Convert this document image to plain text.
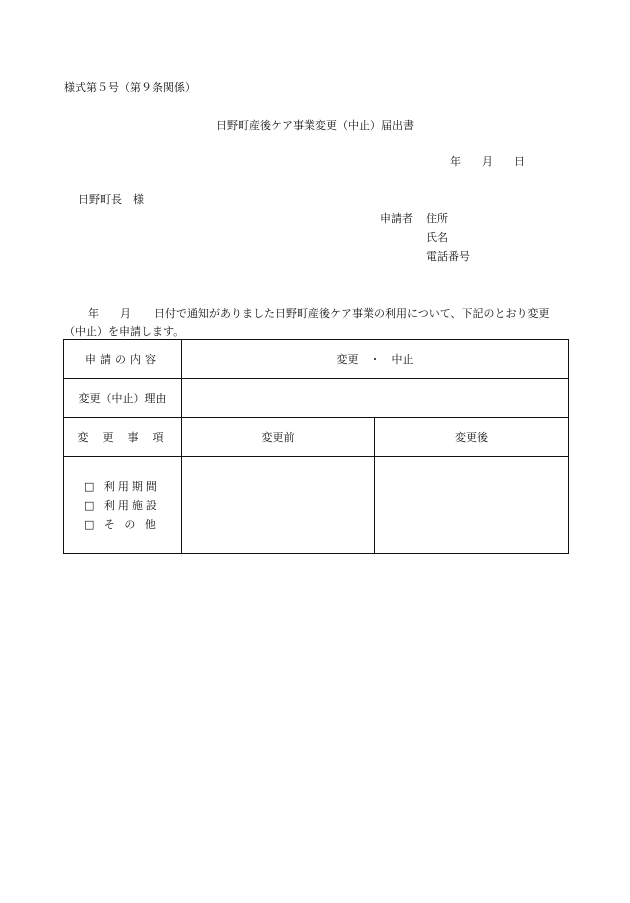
様式第５号（第９条関係）
日野町産後ケア事業変更（中止）届出書
年 月 日
日野町長　様
申請者 住所
氏名
電話番号
年 月 日付で通知がありました日野町産後ケア事業の利用について、下記のとおり変更（中止）を申請します。
申請の内容	変更　・　中止	
変更（中止）理由		
変更事項	変更前	変更後

□ 利用期間
□ 利用施設
□ そ の 他		
